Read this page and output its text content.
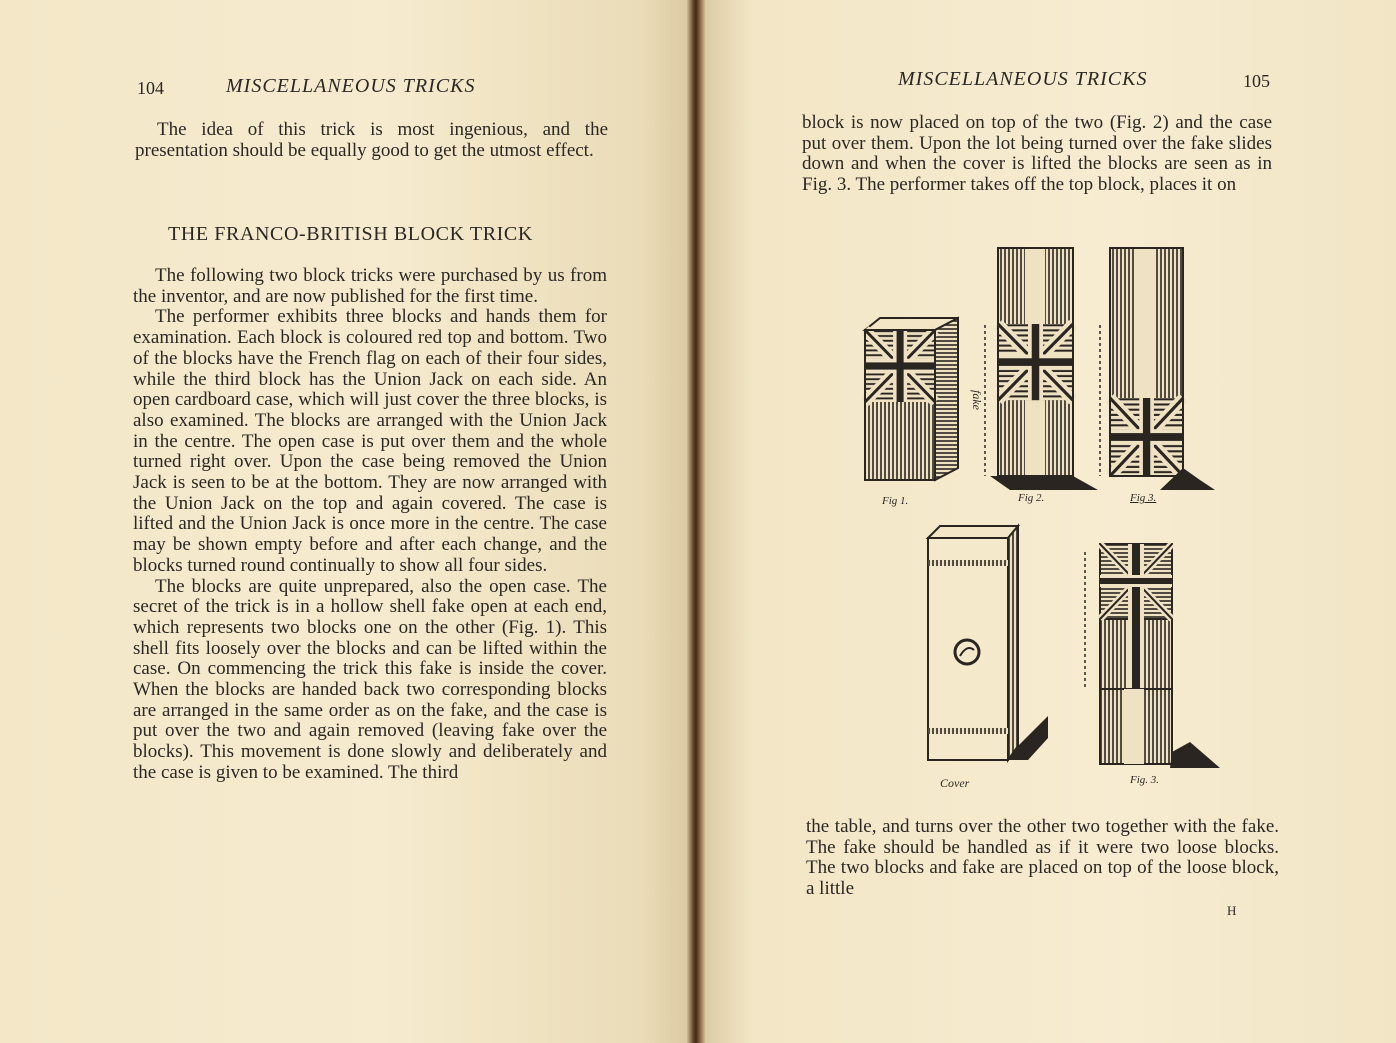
104	MISCELLANEOUS TRICKS

The idea of this trick is most ingenious, and the presentation should be equally good to get the utmost effect.

THE FRANCO-BRITISH BLOCK TRICK

The following two block tricks were purchased by us from the inventor, and are now published for the first time.

The performer exhibits three blocks and hands them for examination. Each block is coloured red top and bottom. Two of the blocks have the French flag on each of their four sides, while the third block has the Union Jack on each side. An open cardboard case, which will just cover the three blocks, is also examined. The blocks are arranged with the Union Jack in the centre. The open case is put over them and the whole turned right over. Upon the case being removed the Union Jack is seen to be at the bottom. They are now arranged with the Union Jack on the top and again covered. The case is lifted and the Union Jack is once more in the centre. The case may be shown empty before and after each change, and the blocks turned round continually to show all four sides.

The blocks are quite unprepared, also the open case. The secret of the trick is in a hollow shell fake open at each end, which represents two blocks one on the other (Fig. 1). This shell fits loosely over the blocks and can be lifted within the case. On commencing the trick this fake is inside the cover. When the blocks are handed back two corresponding blocks are arranged in the same order as on the fake, and the case is put over the two and again removed (leaving fake over the blocks). This movement is done slowly and deliberately and the case is given to be examined. The third

MISCELLANEOUS TRICKS	105

block is now placed on top of the two (Fig. 2) and the case put over them. Upon the lot being turned over the fake slides down and when the cover is lifted the blocks are seen as in Fig. 3. The performer takes off the top block, places it on

fake
Fig 1.	Fig 2.	Fig 3.
Cover	Fig. 3.

the table, and turns over the other two together with the fake. The fake should be handled as if it were two loose blocks. The two blocks and fake are placed on top of the loose block, a little

H
